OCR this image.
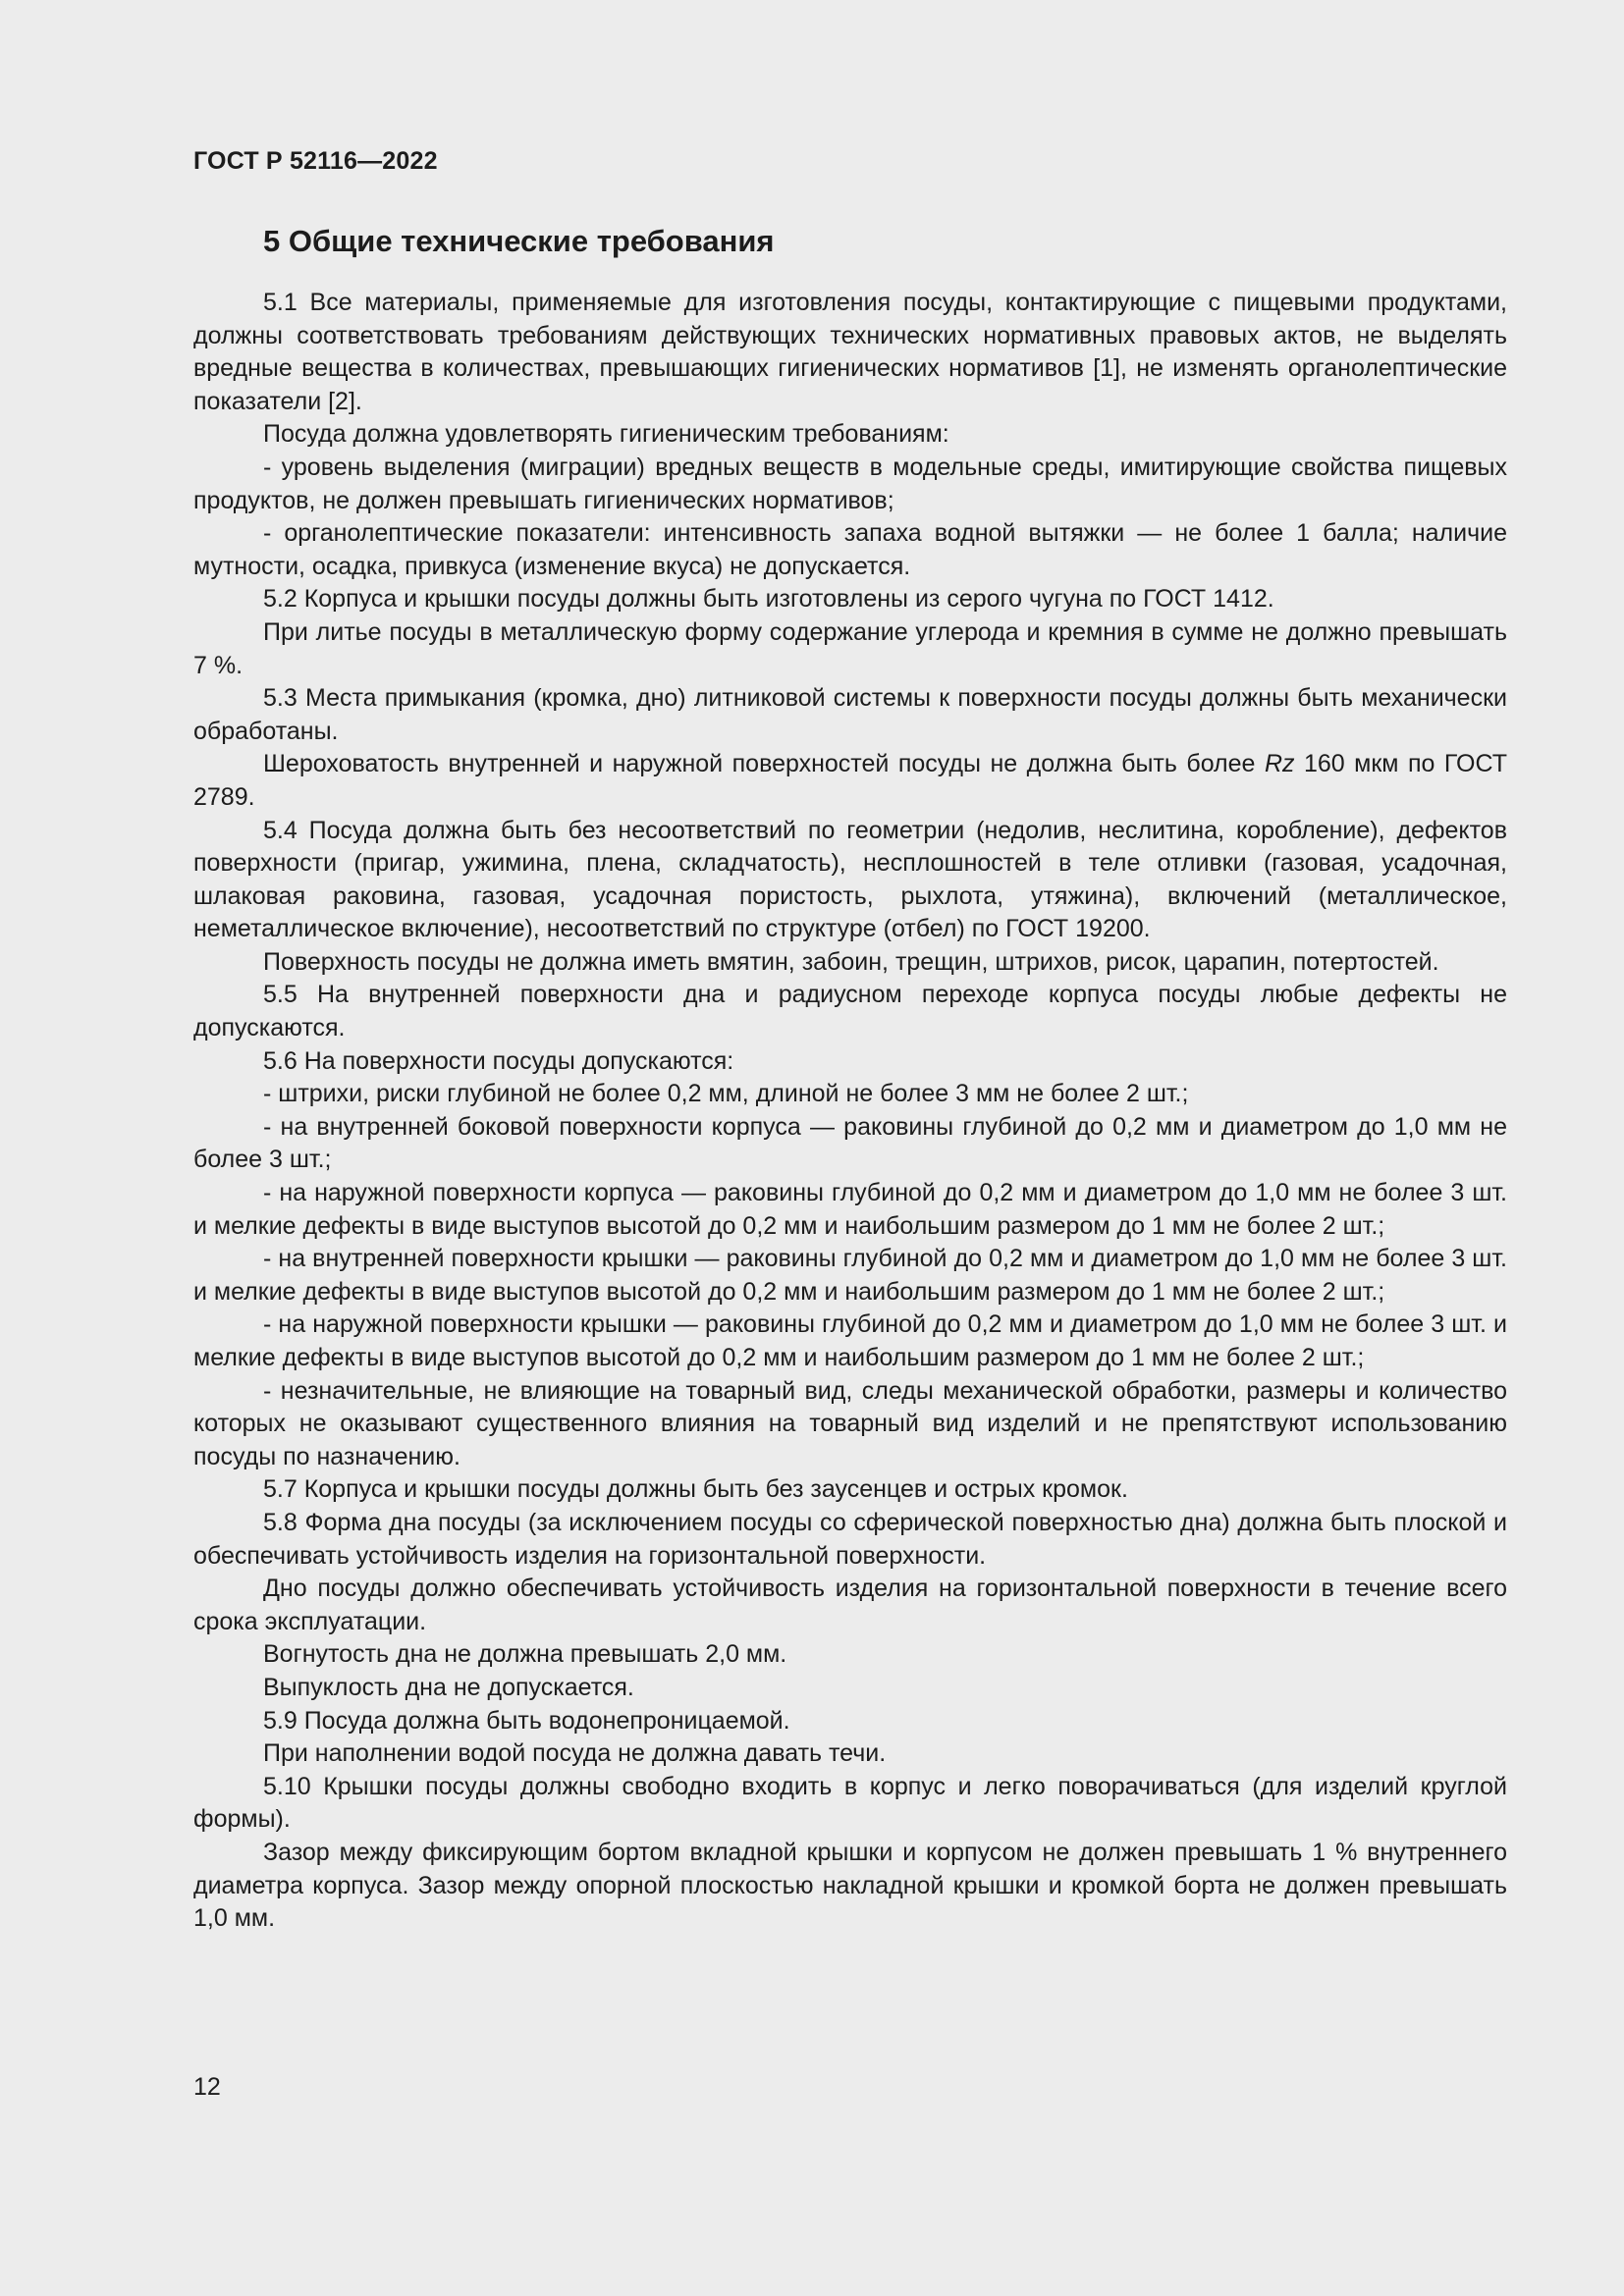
ГОСТ Р 52116—2022
5 Общие технические требования

5.1 Все материалы, применяемые для изготовления посуды, контактирующие с пищевыми продуктами, должны соответствовать требованиям действующих технических нормативных правовых актов, не выделять вредные вещества в количествах, превышающих гигиенических нормативов [1], не изменять органолептические показатели [2].

Посуда должна удовлетворять гигиеническим требованиям:

- уровень выделения (миграции) вредных веществ в модельные среды, имитирующие свойства пищевых продуктов, не должен превышать гигиенических нормативов;

- органолептические показатели: интенсивность запаха водной вытяжки — не более 1 балла; наличие мутности, осадка, привкуса (изменение вкуса) не допускается.

5.2 Корпуса и крышки посуды должны быть изготовлены из серого чугуна по ГОСТ 1412.

При литье посуды в металлическую форму содержание углерода и кремния в сумме не должно превышать 7 %.

5.3 Места примыкания (кромка, дно) литниковой системы к поверхности посуды должны быть механически обработаны.

Шероховатость внутренней и наружной поверхностей посуды не должна быть более Rz 160 мкм по ГОСТ 2789.

5.4 Посуда должна быть без несоответствий по геометрии (недолив, неслитина, коробление), дефектов поверхности (пригар, ужимина, плена, складчатость), несплошностей в теле отливки (газовая, усадочная, шлаковая раковина, газовая, усадочная пористость, рыхлота, утяжина), включений (металлическое, неметаллическое включение), несоответствий по структуре (отбел) по ГОСТ 19200.

Поверхность посуды не должна иметь вмятин, забоин, трещин, штрихов, рисок, царапин, потертостей.

5.5 На внутренней поверхности дна и радиусном переходе корпуса посуды любые дефекты не допускаются.

5.6 На поверхности посуды допускаются:

- штрихи, риски глубиной не более 0,2 мм, длиной не более 3 мм не более 2 шт.;

- на внутренней боковой поверхности корпуса — раковины глубиной до 0,2 мм и диаметром до 1,0 мм не более 3 шт.;

- на наружной поверхности корпуса — раковины глубиной до 0,2 мм и диаметром до 1,0 мм не более 3 шт. и мелкие дефекты в виде выступов высотой до 0,2 мм и наибольшим размером до 1 мм не более 2 шт.;

- на внутренней поверхности крышки — раковины глубиной до 0,2 мм и диаметром до 1,0 мм не более 3 шт. и мелкие дефекты в виде выступов высотой до 0,2 мм и наибольшим размером до 1 мм не более 2 шт.;

- на наружной поверхности крышки — раковины глубиной до 0,2 мм и диаметром до 1,0 мм не более 3 шт. и мелкие дефекты в виде выступов высотой до 0,2 мм и наибольшим размером до 1 мм не более 2 шт.;

- незначительные, не влияющие на товарный вид, следы механической обработки, размеры и количество которых не оказывают существенного влияния на товарный вид изделий и не препятствуют использованию посуды по назначению.

5.7 Корпуса и крышки посуды должны быть без заусенцев и острых кромок.

5.8 Форма дна посуды (за исключением посуды со сферической поверхностью дна) должна быть плоской и обеспечивать устойчивость изделия на горизонтальной поверхности.

Дно посуды должно обеспечивать устойчивость изделия на горизонтальной поверхности в течение всего срока эксплуатации.

Вогнутость дна не должна превышать 2,0 мм.

Выпуклость дна не допускается.

5.9 Посуда должна быть водонепроницаемой.

При наполнении водой посуда не должна давать течи.

5.10 Крышки посуды должны свободно входить в корпус и легко поворачиваться (для изделий круглой формы).

Зазор между фиксирующим бортом вкладной крышки и корпусом не должен превышать 1 % внутреннего диаметра корпуса. Зазор между опорной плоскостью накладной крышки и кромкой борта не должен превышать 1,0 мм.

12
